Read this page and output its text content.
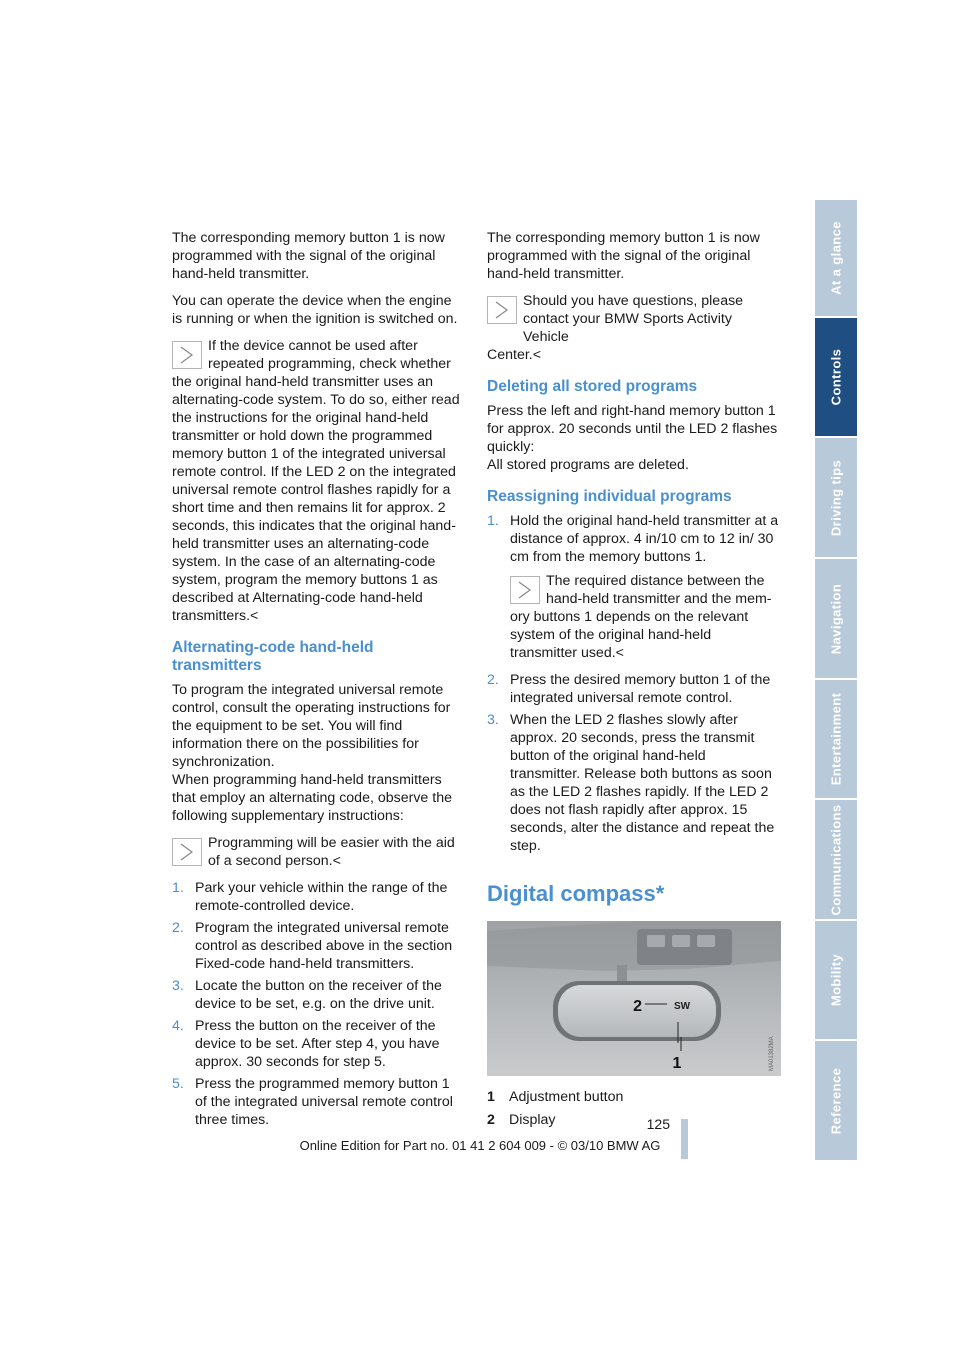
The corresponding memory button 1 is now programmed with the signal of the original hand-held transmitter.

You can operate the device when the engine is running or when the ignition is switched on.

If the device cannot be used after repeated programming, check whether
the original hand-held transmitter uses an alternating-code system. To do so, either read the instructions for the original hand-held transmitter or hold down the programmed memory button 1 of the integrated universal remote control. If the LED 2 on the integrated universal remote control flashes rapidly for a short time and then remains lit for approx. 2 seconds, this indicates that the original hand-held transmitter uses an alternating-code system. In the case of an alternating-code system, program the memory buttons 1 as described at Alternating-code hand-held transmitters.<
Alternating-code hand-held transmitters

To program the integrated universal remote control, consult the operating instructions for the equipment to be set. You will find information there on the possibilities for synchronization.

When programming hand-held transmitters that employ an alternating code, observe the following supplementary instructions:

Programming will be easier with the aid of a second person.<
1. Park your vehicle within the range of the remote-controlled device.
2. Program the integrated universal remote control as described above in the section Fixed-code hand-held transmitters.
3. Locate the button on the receiver of the device to be set, e.g. on the drive unit.
4. Press the button on the receiver of the device to be set. After step 4, you have approx. 30 seconds for step 5.
5. Press the programmed memory button 1 of the integrated universal remote control three times.

The corresponding memory button 1 is now programmed with the signal of the original hand-held transmitter.

Should you have questions, please contact your BMW Sports Activity Vehicle
Center.<
Deleting all stored programs

Press the left and right-hand memory button 1 for approx. 20 seconds until the LED 2 flashes quickly:

All stored programs are deleted.

Reassigning individual programs
1. Hold the original hand-held transmitter at a distance of approx. 4 in/10 cm to 12 in/ 30 cm from the memory buttons 1.
The required distance between the hand-held transmitter and the mem-
ory buttons 1 depends on the relevant system of the original hand-held transmitter used.<
2. Press the desired memory button 1 of the integrated universal remote control.
3. When the LED 2 flashes slowly after approx. 20 seconds, press the transmit button of the original hand-held transmitter. Release both buttons as soon as the LED 2 flashes rapidly. If the LED 2 does not flash rapidly after approx. 15 seconds, alter the distance and repeat the step.
Digital compass*
SW
2
1	MA01382MA
1 Adjustment button
2 Display
At a glance
Controls
Driving tips
Navigation
Entertainment
Communications
Mobility
Reference
125
Online Edition for Part no. 01 41 2 604 009 - © 03/10 BMW AG
